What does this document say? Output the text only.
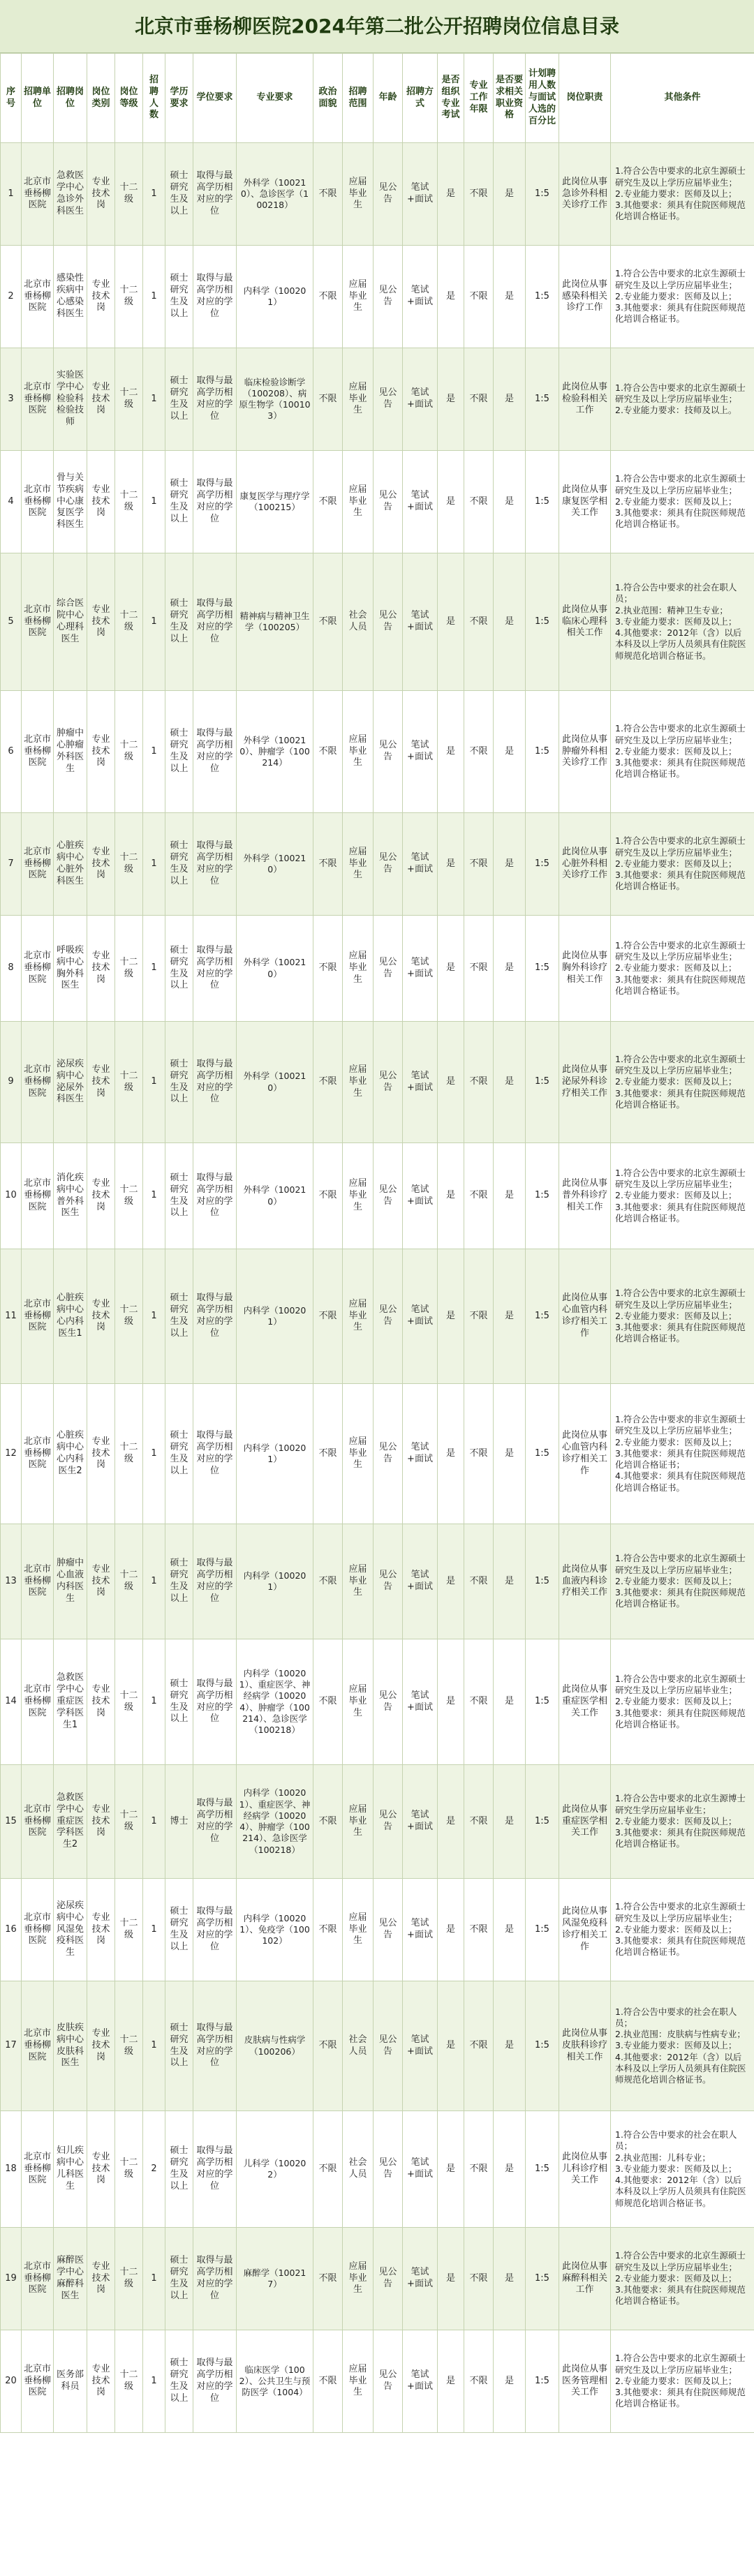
北京市垂杨柳医院2024年第二批公开招聘岗位信息目录
序号	招聘单位	招聘岗位	岗位类别	岗位等级	招聘人数	学历要求	学位要求	专业要求	政治面貌	招聘范围	年龄	招聘方式	是否组织专业考试	专业工作年限	是否要求相关职业资格	计划聘用人数与面试人选的百分比	岗位职责	其他条件
1	北京市垂杨柳医院	急救医学中心急诊外科医生	专业技术岗	十二级	1	硕士研究生及以上	取得与最高学历相对应的学位	外科学（100210）、急诊医学（100218）	不限	应届毕业生	见公告	笔试+面试	是	不限	是	1:5	此岗位从事急诊外科相关诊疗工作	1.符合公告中要求的北京生源硕士研究生及以上学历应届毕业生；
2.专业能力要求：医师及以上；
3.其他要求：须具有住院医师规范化培训合格证书。
2	北京市垂杨柳医院	感染性疾病中心感染科医生	专业技术岗	十二级	1	硕士研究生及以上	取得与最高学历相对应的学位	内科学（100201）	不限	应届毕业生	见公告	笔试+面试	是	不限	是	1:5	此岗位从事感染科相关诊疗工作	1.符合公告中要求的北京生源硕士研究生及以上学历应届毕业生；
2.专业能力要求：医师及以上；
3.其他要求：须具有住院医师规范化培训合格证书。
3	北京市垂杨柳医院	实验医学中心检验科检验技师	专业技术岗	十二级	1	硕士研究生及以上	取得与最高学历相对应的学位	临床检验诊断学（100208）、病原生物学（100103）	不限	应届毕业生	见公告	笔试+面试	是	不限	是	1:5	此岗位从事检验科相关工作	1.符合公告中要求的北京生源硕士研究生及以上学历应届毕业生；
2.专业能力要求：技师及以上。
4	北京市垂杨柳医院	骨与关节疾病中心康复医学科医生	专业技术岗	十二级	1	硕士研究生及以上	取得与最高学历相对应的学位	康复医学与理疗学（100215）	不限	应届毕业生	见公告	笔试+面试	是	不限	是	1:5	此岗位从事康复医学相关工作	1.符合公告中要求的北京生源硕士研究生及以上学历应届毕业生；
2.专业能力要求：医师及以上；
3.其他要求：须具有住院医师规范化培训合格证书。
5	北京市垂杨柳医院	综合医院中心心理科医生	专业技术岗	十二级	1	硕士研究生及以上	取得与最高学历相对应的学位	精神病与精神卫生学（100205）	不限	社会人员	见公告	笔试+面试	是	不限	是	1:5	此岗位从事临床心理科相关工作	1.符合公告中要求的社会在职人员；
2.执业范围：精神卫生专业；
3.专业能力要求：医师及以上；
4.其他要求：2012年（含）以后本科及以上学历人员须具有住院医师规范化培训合格证书。
6	北京市垂杨柳医院	肿瘤中心肿瘤外科医生	专业技术岗	十二级	1	硕士研究生及以上	取得与最高学历相对应的学位	外科学（100210）、肿瘤学（100214）	不限	应届毕业生	见公告	笔试+面试	是	不限	是	1:5	此岗位从事肿瘤外科相关诊疗工作	1.符合公告中要求的北京生源硕士研究生及以上学历应届毕业生；
2.专业能力要求：医师及以上；
3.其他要求：须具有住院医师规范化培训合格证书。
7	北京市垂杨柳医院	心脏疾病中心心脏外科医生	专业技术岗	十二级	1	硕士研究生及以上	取得与最高学历相对应的学位	外科学（100210）	不限	应届毕业生	见公告	笔试+面试	是	不限	是	1:5	此岗位从事心脏外科相关诊疗工作	1.符合公告中要求的北京生源硕士研究生及以上学历应届毕业生；
2.专业能力要求：医师及以上；
3.其他要求：须具有住院医师规范化培训合格证书。
8	北京市垂杨柳医院	呼吸疾病中心胸外科医生	专业技术岗	十二级	1	硕士研究生及以上	取得与最高学历相对应的学位	外科学（100210）	不限	应届毕业生	见公告	笔试+面试	是	不限	是	1:5	此岗位从事胸外科诊疗相关工作	1.符合公告中要求的北京生源硕士研究生及以上学历应届毕业生；
2.专业能力要求：医师及以上；
3.其他要求：须具有住院医师规范化培训合格证书。
9	北京市垂杨柳医院	泌尿疾病中心泌尿外科医生	专业技术岗	十二级	1	硕士研究生及以上	取得与最高学历相对应的学位	外科学（100210）	不限	应届毕业生	见公告	笔试+面试	是	不限	是	1:5	此岗位从事泌尿外科诊疗相关工作	1.符合公告中要求的北京生源硕士研究生及以上学历应届毕业生；
2.专业能力要求：医师及以上；
3.其他要求：须具有住院医师规范化培训合格证书。
10	北京市垂杨柳医院	消化疾病中心普外科医生	专业技术岗	十二级	1	硕士研究生及以上	取得与最高学历相对应的学位	外科学（100210）	不限	应届毕业生	见公告	笔试+面试	是	不限	是	1:5	此岗位从事普外科诊疗相关工作	1.符合公告中要求的北京生源硕士研究生及以上学历应届毕业生；
2.专业能力要求：医师及以上；
3.其他要求：须具有住院医师规范化培训合格证书。
11	北京市垂杨柳医院	心脏疾病中心心内科医生1	专业技术岗	十二级	1	硕士研究生及以上	取得与最高学历相对应的学位	内科学（100201）	不限	应届毕业生	见公告	笔试+面试	是	不限	是	1:5	此岗位从事心血管内科诊疗相关工作	1.符合公告中要求的北京生源硕士研究生及以上学历应届毕业生；
2.专业能力要求：医师及以上；
3.其他要求：须具有住院医师规范化培训合格证书。
12	北京市垂杨柳医院	心脏疾病中心心内科医生2	专业技术岗	十二级	1	硕士研究生及以上	取得与最高学历相对应的学位	内科学（100201）	不限	应届毕业生	见公告	笔试+面试	是	不限	是	1:5	此岗位从事心血管内科诊疗相关工作	1.符合公告中要求的非京生源硕士研究生及以上学历应届毕业生；
2.专业能力要求：医师及以上；
3.其他要求：须具有住院医师规范化培训合格证书；
4.其他要求：须具有住院医师规范化培训合格证书。
13	北京市垂杨柳医院	肿瘤中心血液内科医生	专业技术岗	十二级	1	硕士研究生及以上	取得与最高学历相对应的学位	内科学（100201）	不限	应届毕业生	见公告	笔试+面试	是	不限	是	1:5	此岗位从事血液内科诊疗相关工作	1.符合公告中要求的北京生源硕士研究生及以上学历应届毕业生；
2.专业能力要求：医师及以上；
3.其他要求：须具有住院医师规范化培训合格证书。
14	北京市垂杨柳医院	急救医学中心重症医学科医生1	专业技术岗	十二级	1	硕士研究生及以上	取得与最高学历相对应的学位	内科学（100201）、重症医学、神经病学（100204）、肿瘤学（100214）、急诊医学（100218）	不限	应届毕业生	见公告	笔试+面试	是	不限	是	1:5	此岗位从事重症医学相关工作	1.符合公告中要求的北京生源硕士研究生及以上学历应届毕业生；
2.专业能力要求：医师及以上；
3.其他要求：须具有住院医师规范化培训合格证书。
15	北京市垂杨柳医院	急救医学中心重症医学科医生2	专业技术岗	十二级	1	博士	取得与最高学历相对应的学位	内科学（100201）、重症医学、神经病学（100204）、肿瘤学（100214）、急诊医学（100218）	不限	应届毕业生	见公告	笔试+面试	是	不限	是	1:5	此岗位从事重症医学相关工作	1.符合公告中要求的北京生源博士研究生学历应届毕业生；
2.专业能力要求：医师及以上；
3.其他要求：须具有住院医师规范化培训合格证书。
16	北京市垂杨柳医院	泌尿疾病中心风湿免疫科医生	专业技术岗	十二级	1	硕士研究生及以上	取得与最高学历相对应的学位	内科学（100201）、免疫学（100102）	不限	应届毕业生	见公告	笔试+面试	是	不限	是	1:5	此岗位从事风湿免疫科诊疗相关工作	1.符合公告中要求的北京生源硕士研究生及以上学历应届毕业生；
2.专业能力要求：医师及以上；
3.其他要求：须具有住院医师规范化培训合格证书。
17	北京市垂杨柳医院	皮肤疾病中心皮肤科医生	专业技术岗	十二级	1	硕士研究生及以上	取得与最高学历相对应的学位	皮肤病与性病学（100206）	不限	社会人员	见公告	笔试+面试	是	不限	是	1:5	此岗位从事皮肤科诊疗相关工作	1.符合公告中要求的社会在职人员；
2.执业范围：皮肤病与性病专业；
3.专业能力要求：医师及以上；
4.其他要求：2012年（含）以后本科及以上学历人员须具有住院医师规范化培训合格证书。
18	北京市垂杨柳医院	妇儿疾病中心儿科医生	专业技术岗	十二级	2	硕士研究生及以上	取得与最高学历相对应的学位	儿科学（100202）	不限	社会人员	见公告	笔试+面试	是	不限	是	1:5	此岗位从事儿科诊疗相关工作	1.符合公告中要求的社会在职人员；
2.执业范围：儿科专业；
3.专业能力要求：医师及以上；
4.其他要求：2012年（含）以后本科及以上学历人员须具有住院医师规范化培训合格证书。
19	北京市垂杨柳医院	麻醉医学中心麻醉科医生	专业技术岗	十二级	1	硕士研究生及以上	取得与最高学历相对应的学位	麻醉学（100217）	不限	应届毕业生	见公告	笔试+面试	是	不限	是	1:5	此岗位从事麻醉科相关工作	1.符合公告中要求的北京生源硕士研究生及以上学历应届毕业生；
2.专业能力要求：医师及以上；
3.其他要求：须具有住院医师规范化培训合格证书。
20	北京市垂杨柳医院	医务部科员	专业技术岗	十二级	1	硕士研究生及以上	取得与最高学历相对应的学位	临床医学（1002）、公共卫生与预防医学（1004）	不限	应届毕业生	见公告	笔试+面试	是	不限	是	1:5	此岗位从事医务管理相关工作	1.符合公告中要求的北京生源硕士研究生及以上学历应届毕业生；
2.专业能力要求：医师及以上；
3.其他要求：须具有住院医师规范化培训合格证书。
